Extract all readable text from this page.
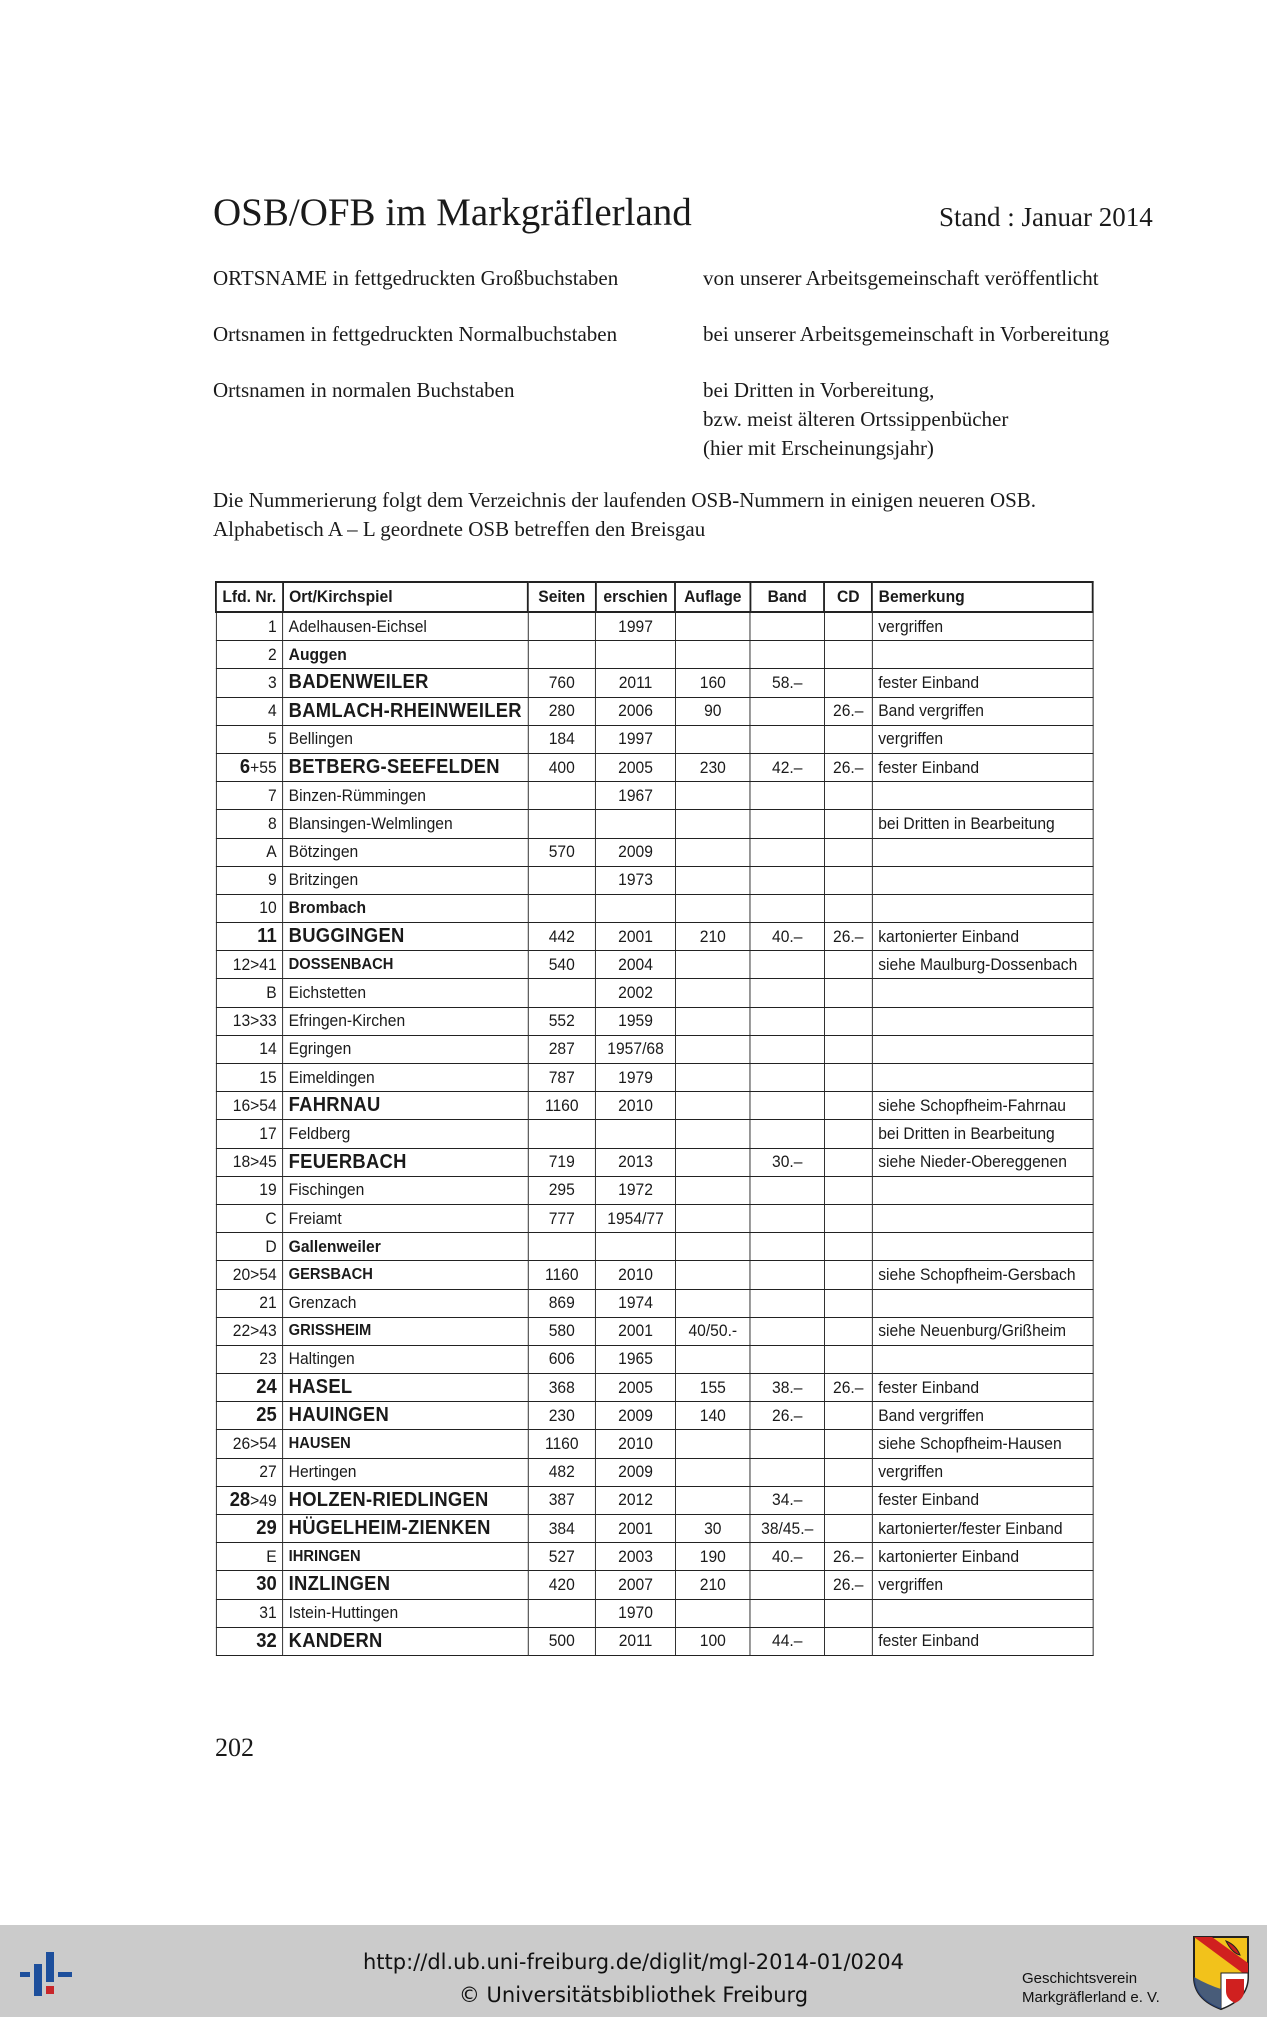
OSB/OFB im Markgräflerland	Stand : Januar 2014
ORTSNAME in fettgedruckten Großbuchstaben	von unserer Arbeitsgemeinschaft veröffentlicht
Ortsnamen in fettgedruckten Normalbuchstaben	bei unserer Arbeitsgemeinschaft in Vorbereitung
Ortsnamen in normalen Buchstaben	bei Dritten in Vorbereitung,
bzw. meist älteren Ortssippenbücher
(hier mit Erscheinungsjahr)
Die Nummerierung folgt dem Verzeichnis der laufenden OSB-Nummern in einigen neueren OSB.
Alphabetisch A – L geordnete OSB betreffen den Breisgau
Lfd. Nr.	Ort/Kirchspiel	Seiten	erschien	Auflage	Band	CD	Bemerkung
1	Adelhausen-Eichsel		1997				vergriffen
2	Auggen						
3	BADENWEILER	760	2011	160	58.–		fester Einband
4	BAMLACH-RHEINWEILER	280	2006	90		26.–	Band vergriffen
5	Bellingen	184	1997				vergriffen
6+55	BETBERG-SEEFELDEN	400	2005	230	42.–	26.–	fester Einband
7	Binzen-Rümmingen		1967				
8	Blansingen-Welmlingen						bei Dritten in Bearbeitung
A	Bötzingen	570	2009				
9	Britzingen		1973				
10	Brombach						
11	BUGGINGEN	442	2001	210	40.–	26.–	kartonierter Einband
12>41	DOSSENBACH	540	2004				siehe Maulburg-Dossenbach
B	Eichstetten		2002				
13>33	Efringen-Kirchen	552	1959				
14	Egringen	287	1957/68				
15	Eimeldingen	787	1979				
16>54	FAHRNAU	1160	2010				siehe Schopfheim-Fahrnau
17	Feldberg						bei Dritten in Bearbeitung
18>45	FEUERBACH	719	2013		30.–		siehe Nieder-Obereggenen
19	Fischingen	295	1972				
C	Freiamt	777	1954/77				
D	Gallenweiler						
20>54	GERSBACH	1160	2010				siehe Schopfheim-Gersbach
21	Grenzach	869	1974				
22>43	GRISSHEIM	580	2001	40/50.-			siehe Neuenburg/Grißheim
23	Haltingen	606	1965				
24	HASEL	368	2005	155	38.–	26.–	fester Einband
25	HAUINGEN	230	2009	140	26.–		Band vergriffen
26>54	HAUSEN	1160	2010				siehe Schopfheim-Hausen
27	Hertingen	482	2009				vergriffen
28>49	HOLZEN-RIEDLINGEN	387	2012		34.–		fester Einband
29	HÜGELHEIM-ZIENKEN	384	2001	30	38/45.–		kartonierter/fester Einband
E	IHRINGEN	527	2003	190	40.–	26.–	kartonierter Einband
30	INZLINGEN	420	2007	210		26.–	vergriffen
31	Istein-Huttingen		1970				
32	KANDERN	500	2011	100	44.–		fester Einband
202
http://dl.ub.uni-freiburg.de/diglit/mgl-2014-01/0204
© Universitätsbibliothek Freiburg
Geschichtsverein
Markgräflerland e. V.
